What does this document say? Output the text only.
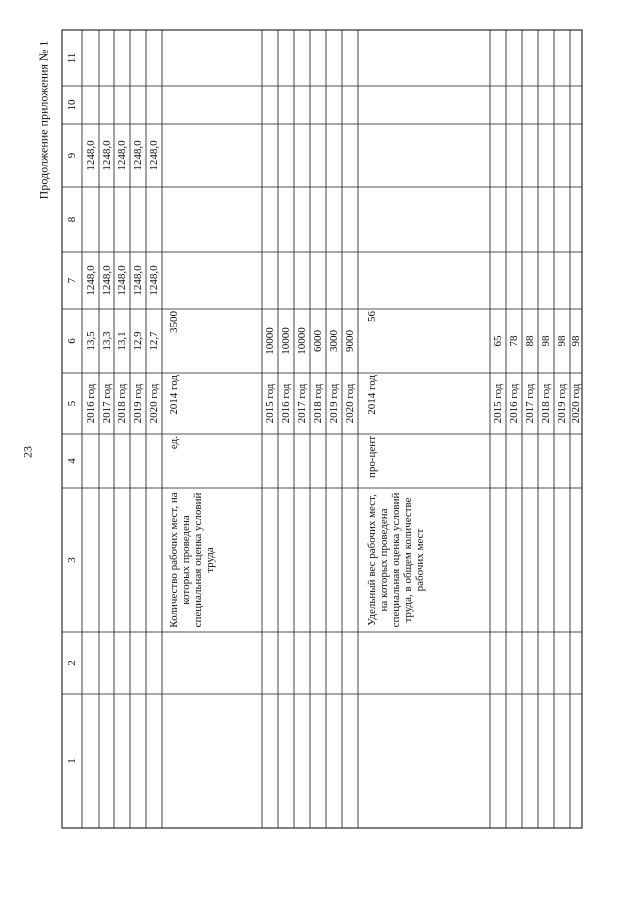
23
Продолжение приложения № 1
1
2
3
4
5
6
7
8
9
10
11
2016 год
13,5
1248,0
1248,0
2017 год
13,3
1248,0
1248,0
2018 год
13,1
1248,0
1248,0
2019 год
12,9
1248,0
1248,0
2020 год
12,7
1248,0
1248,0
Количество рабочих мест, на которых проведена специальная оценка условий труда
ед.
2014 год
3500
2015 год
10000
2016 год
10000
2017 год
10000
2018 год
6000
2019 год
3000
2020 год
9000
Удельный вес рабочих мест, на которых проведена специальная оценка условий труда, в общем количестве рабочих мест
про-цент
2014 год
56
2015 год
65
2016 год
78
2017 год
88
2018 год
98
2019 год
98
2020 год
98
